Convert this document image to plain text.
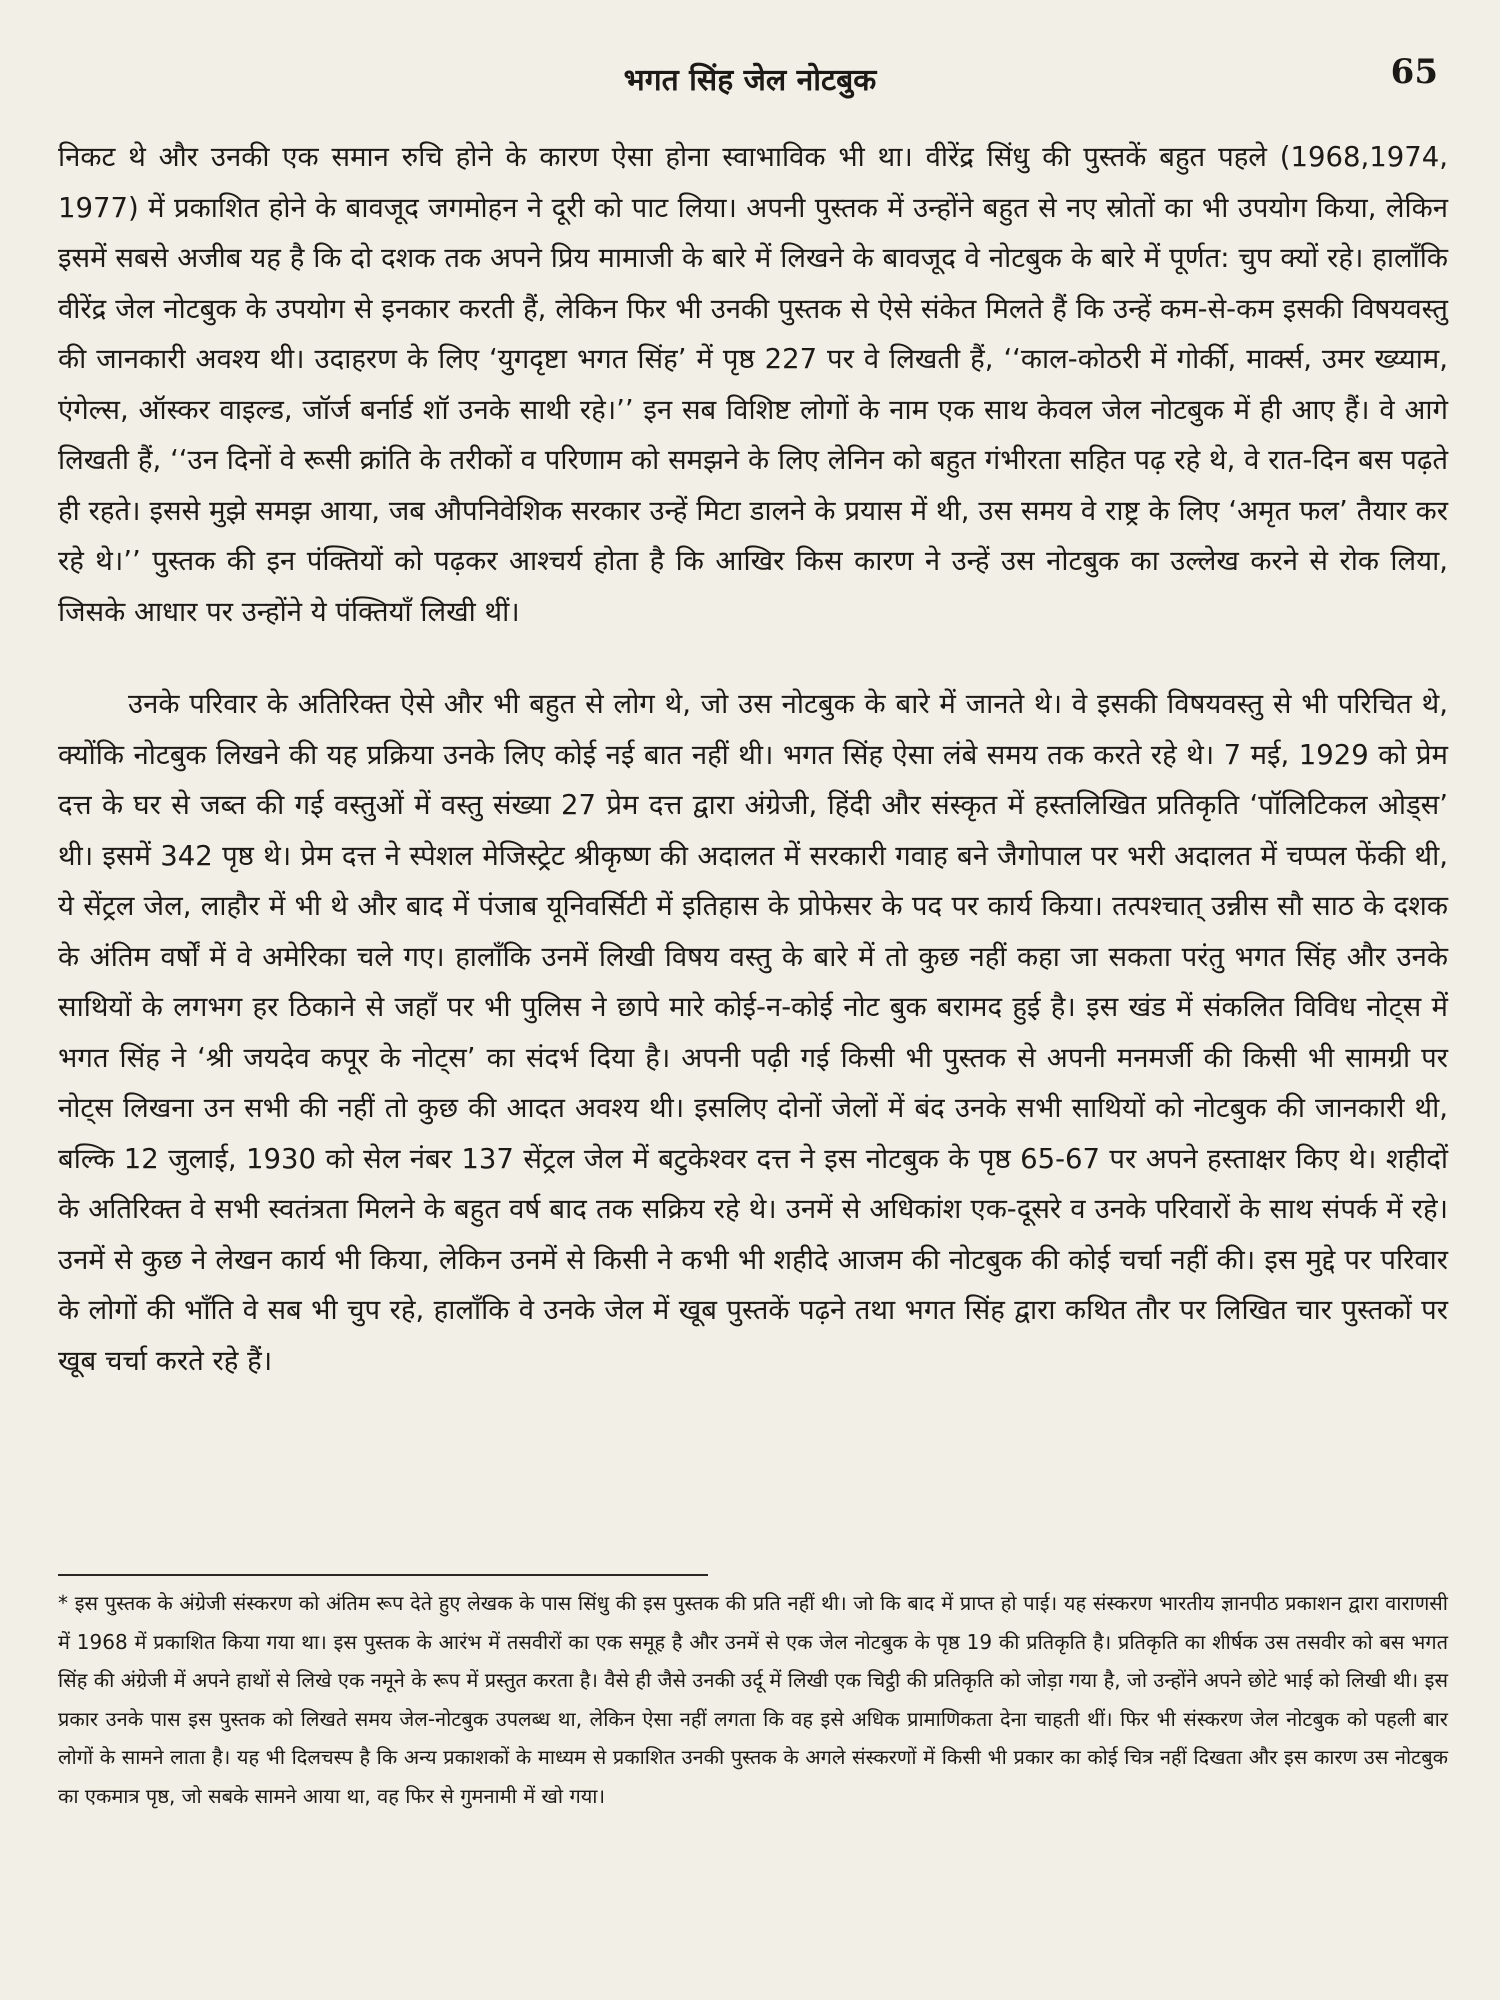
भगत सिंह जेल नोटबुक	65

निकट थे और उनकी एक समान रुचि होने के कारण ऐसा होना स्वाभाविक भी था। वीरेंद्र सिंधु की पुस्तकें बहुत पहले (1968,1974, 1977) में प्रकाशित होने के बावजूद जगमोहन ने दूरी को पाट लिया। अपनी पुस्तक में उन्होंने बहुत से नए स्रोतों का भी उपयोग किया, लेकिन इसमें सबसे अजीब यह है कि दो दशक तक अपने प्रिय मामाजी के बारे में लिखने के बावजूद वे नोटबुक के बारे में पूर्णत: चुप क्यों रहे। हालाँकि वीरेंद्र जेल नोटबुक के उपयोग से इनकार करती हैं, लेकिन फिर भी उनकी पुस्तक से ऐसे संकेत मिलते हैं कि उन्हें कम-से-कम इसकी विषयवस्तु की जानकारी अवश्य थी। उदाहरण के लिए ‘युगदृष्टा भगत सिंह’ में पृष्ठ 227 पर वे लिखती हैं, ‘‘काल-कोठरी में गोर्की, मार्क्स, उमर ख्य्याम, एंगेल्स, ऑस्कर वाइल्ड, जॉर्ज बर्नार्ड शॉ उनके साथी रहे।’’ इन सब विशिष्ट लोगों के नाम एक साथ केवल जेल नोटबुक में ही आए हैं। वे आगे लिखती हैं, ‘‘उन दिनों वे रूसी क्रांति के तरीकों व परिणाम को समझने के लिए लेनिन को बहुत गंभीरता सहित पढ़ रहे थे, वे रात-दिन बस पढ़ते ही रहते। इससे मुझे समझ आया, जब औपनिवेशिक सरकार उन्हें मिटा डालने के प्रयास में थी, उस समय वे राष्ट्र के लिए ‘अमृत फल’ तैयार कर रहे थे।’’ पुस्तक की इन पंक्तियों को पढ़कर आश्चर्य होता है कि आखिर किस कारण ने उन्हें उस नोटबुक का उल्लेख करने से रोक लिया, जिसके आधार पर उन्होंने ये पंक्तियाँ लिखी थीं।

उनके परिवार के अतिरिक्त ऐसे और भी बहुत से लोग थे, जो उस नोटबुक के बारे में जानते थे। वे इसकी विषयवस्तु से भी परिचित थे, क्योंकि नोटबुक लिखने की यह प्रक्रिया उनके लिए कोई नई बात नहीं थी। भगत सिंह ऐसा लंबे समय तक करते रहे थे। 7 मई, 1929 को प्रेम दत्त के घर से जब्त की गई वस्तुओं में वस्तु संख्या 27 प्रेम दत्त द्वारा अंग्रेजी, हिंदी और संस्कृत में हस्तलिखित प्रतिकृति ‘पॉलिटिकल ओड्स’ थी। इसमें 342 पृष्ठ थे। प्रेम दत्त ने स्पेशल मेजिस्ट्रेट श्रीकृष्ण की अदालत में सरकारी गवाह बने जैगोपाल पर भरी अदालत में चप्पल फेंकी थी, ये सेंट्रल जेल, लाहौर में भी थे और बाद में पंजाब यूनिवर्सिटी में इतिहास के प्रोफेसर के पद पर कार्य किया। तत्पश्चात् उन्नीस सौ साठ के दशक के अंतिम वर्षों में वे अमेरिका चले गए। हालाँकि उनमें लिखी विषय वस्तु के बारे में तो कुछ नहीं कहा जा सकता परंतु भगत सिंह और उनके साथियों के लगभग हर ठिकाने से जहाँ पर भी पुलिस ने छापे मारे कोई-न-कोई नोट बुक बरामद हुई है। इस खंड में संकलित विविध नोट्स में भगत सिंह ने ‘श्री जयदेव कपूर के नोट्स’ का संदर्भ दिया है। अपनी पढ़ी गई किसी भी पुस्तक से अपनी मनमर्जी की किसी भी सामग्री पर नोट्स लिखना उन सभी की नहीं तो कुछ की आदत अवश्य थी। इसलिए दोनों जेलों में बंद उनके सभी साथियों को नोटबुक की जानकारी थी, बल्कि 12 जुलाई, 1930 को सेल नंबर 137 सेंट्रल जेल में बटुकेश्वर दत्त ने इस नोटबुक के पृष्ठ 65-67 पर अपने हस्ताक्षर किए थे। शहीदों के अतिरिक्त वे सभी स्वतंत्रता मिलने के बहुत वर्ष बाद तक सक्रिय रहे थे। उनमें से अधिकांश एक-दूसरे व उनके परिवारों के साथ संपर्क में रहे। उनमें से कुछ ने लेखन कार्य भी किया, लेकिन उनमें से किसी ने कभी भी शहीदे आजम की नोटबुक की कोई चर्चा नहीं की। इस मुद्दे पर परिवार के लोगों की भाँति वे सब भी चुप रहे, हालाँकि वे उनके जेल में खूब पुस्तकें पढ़ने तथा भगत सिंह द्वारा कथित तौर पर लिखित चार पुस्तकों पर खूब चर्चा करते रहे हैं।

* इस पुस्तक के अंग्रेजी संस्करण को अंतिम रूप देते हुए लेखक के पास सिंधु की इस पुस्तक की प्रति नहीं थी। जो कि बाद में प्राप्त हो पाई। यह संस्करण भारतीय ज्ञानपीठ प्रकाशन द्वारा वाराणसी में 1968 में प्रकाशित किया गया था। इस पुस्तक के आरंभ में तसवीरों का एक समूह है और उनमें से एक जेल नोटबुक के पृष्ठ 19 की प्रतिकृति है। प्रतिकृति का शीर्षक उस तसवीर को बस भगत सिंह की अंग्रेजी में अपने हाथों से लिखे एक नमूने के रूप में प्रस्तुत करता है। वैसे ही जैसे उनकी उर्दू में लिखी एक चिट्ठी की प्रतिकृति को जोड़ा गया है, जो उन्होंने अपने छोटे भाई को लिखी थी। इस प्रकार उनके पास इस पुस्तक को लिखते समय जेल-नोटबुक उपलब्ध था, लेकिन ऐसा नहीं लगता कि वह इसे अधिक प्रामाणिकता देना चाहती थीं। फिर भी संस्करण जेल नोटबुक को पहली बार लोगों के सामने लाता है। यह भी दिलचस्प है कि अन्य प्रकाशकों के माध्यम से प्रकाशित उनकी पुस्तक के अगले संस्करणों में किसी भी प्रकार का कोई चित्र नहीं दिखता और इस कारण उस नोटबुक का एकमात्र पृष्ठ, जो सबके सामने आया था, वह फिर से गुमनामी में खो गया।
